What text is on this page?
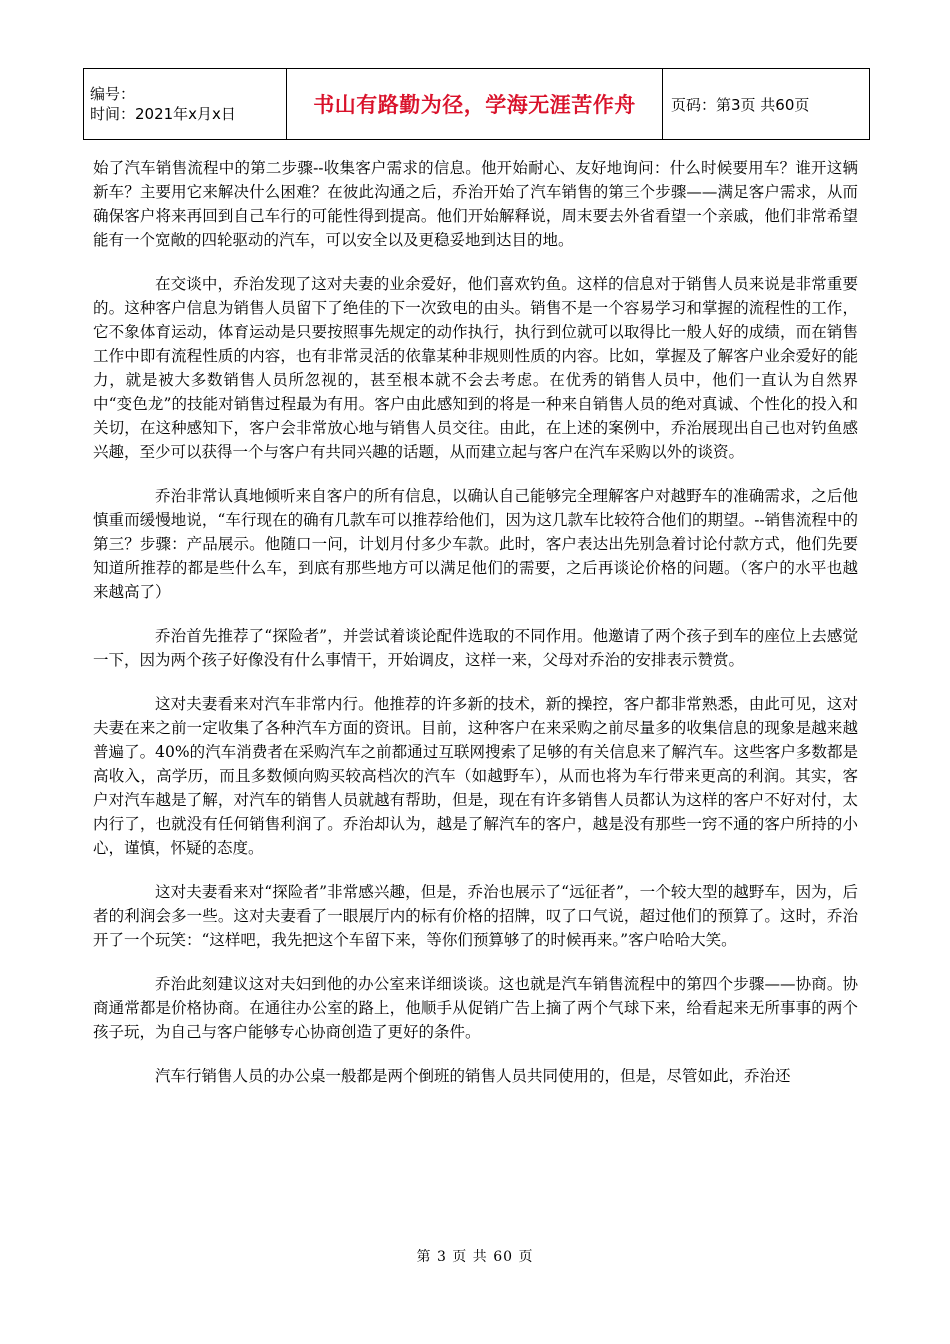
编号：
时间：2021年x月x日	书山有路勤为径，学海无涯苦作舟	页码：第3页 共60页

始了汽车销售流程中的第二步骤--收集客户需求的信息。他开始耐心、友好地询问：什么时候要用车？谁开这辆新车？主要用它来解决什么困难？在彼此沟通之后，乔治开始了汽车销售的第三个步骤——满足客户需求，从而确保客户将来再回到自己车行的可能性得到提高。他们开始解释说，周末要去外省看望一个亲戚，他们非常希望能有一个宽敞的四轮驱动的汽车，可以安全以及更稳妥地到达目的地。

在交谈中，乔治发现了这对夫妻的业余爱好，他们喜欢钓鱼。这样的信息对于销售人员来说是非常重要的。这种客户信息为销售人员留下了绝佳的下一次致电的由头。销售不是一个容易学习和掌握的流程性的工作，它不象体育运动，体育运动是只要按照事先规定的动作执行，执行到位就可以取得比一般人好的成绩，而在销售工作中即有流程性质的内容，也有非常灵活的依靠某种非规则性质的内容。比如，掌握及了解客户业余爱好的能力，就是被大多数销售人员所忽视的，甚至根本就不会去考虑。在优秀的销售人员中，他们一直认为自然界中“变色龙”的技能对销售过程最为有用。客户由此感知到的将是一种来自销售人员的绝对真诚、个性化的投入和关切，在这种感知下，客户会非常放心地与销售人员交往。由此，在上述的案例中，乔治展现出自己也对钓鱼感兴趣，至少可以获得一个与客户有共同兴趣的话题，从而建立起与客户在汽车采购以外的谈资。

乔治非常认真地倾听来自客户的所有信息，以确认自己能够完全理解客户对越野车的准确需求，之后他慎重而缓慢地说，“车行现在的确有几款车可以推荐给他们，因为这几款车比较符合他们的期望。--销售流程中的第三？步骤：产品展示。他随口一问，计划月付多少车款。此时，客户表达出先别急着讨论付款方式，他们先要知道所推荐的都是些什么车，到底有那些地方可以满足他们的需要，之后再谈论价格的问题。（客户的水平也越来越高了）

乔治首先推荐了“探险者”，并尝试着谈论配件选取的不同作用。他邀请了两个孩子到车的座位上去感觉一下，因为两个孩子好像没有什么事情干，开始调皮，这样一来，父母对乔治的安排表示赞赏。

这对夫妻看来对汽车非常内行。他推荐的许多新的技术，新的操控，客户都非常熟悉，由此可见，这对夫妻在来之前一定收集了各种汽车方面的资讯。目前，这种客户在来采购之前尽量多的收集信息的现象是越来越普遍了。40%的汽车消费者在采购汽车之前都通过互联网搜索了足够的有关信息来了解汽车。这些客户多数都是高收入，高学历，而且多数倾向购买较高档次的汽车（如越野车），从而也将为车行带来更高的利润。其实，客户对汽车越是了解，对汽车的销售人员就越有帮助，但是，现在有许多销售人员都认为这样的客户不好对付，太内行了，也就没有任何销售利润了。乔治却认为，越是了解汽车的客户，越是没有那些一窍不通的客户所持的小心，谨慎，怀疑的态度。

这对夫妻看来对“探险者”非常感兴趣，但是，乔治也展示了“远征者”，一个较大型的越野车，因为，后者的利润会多一些。这对夫妻看了一眼展厅内的标有价格的招牌，叹了口气说，超过他们的预算了。这时，乔治开了一个玩笑：“这样吧，我先把这个车留下来，等你们预算够了的时候再来。”客户哈哈大笑。

乔治此刻建议这对夫妇到他的办公室来详细谈谈。这也就是汽车销售流程中的第四个步骤——协商。协商通常都是价格协商。在通往办公室的路上，他顺手从促销广告上摘了两个气球下来，给看起来无所事事的两个孩子玩，为自己与客户能够专心协商创造了更好的条件。

汽车行销售人员的办公桌一般都是两个倒班的销售人员共同使用的，但是，尽管如此，乔治还

第 3 页 共 60 页
